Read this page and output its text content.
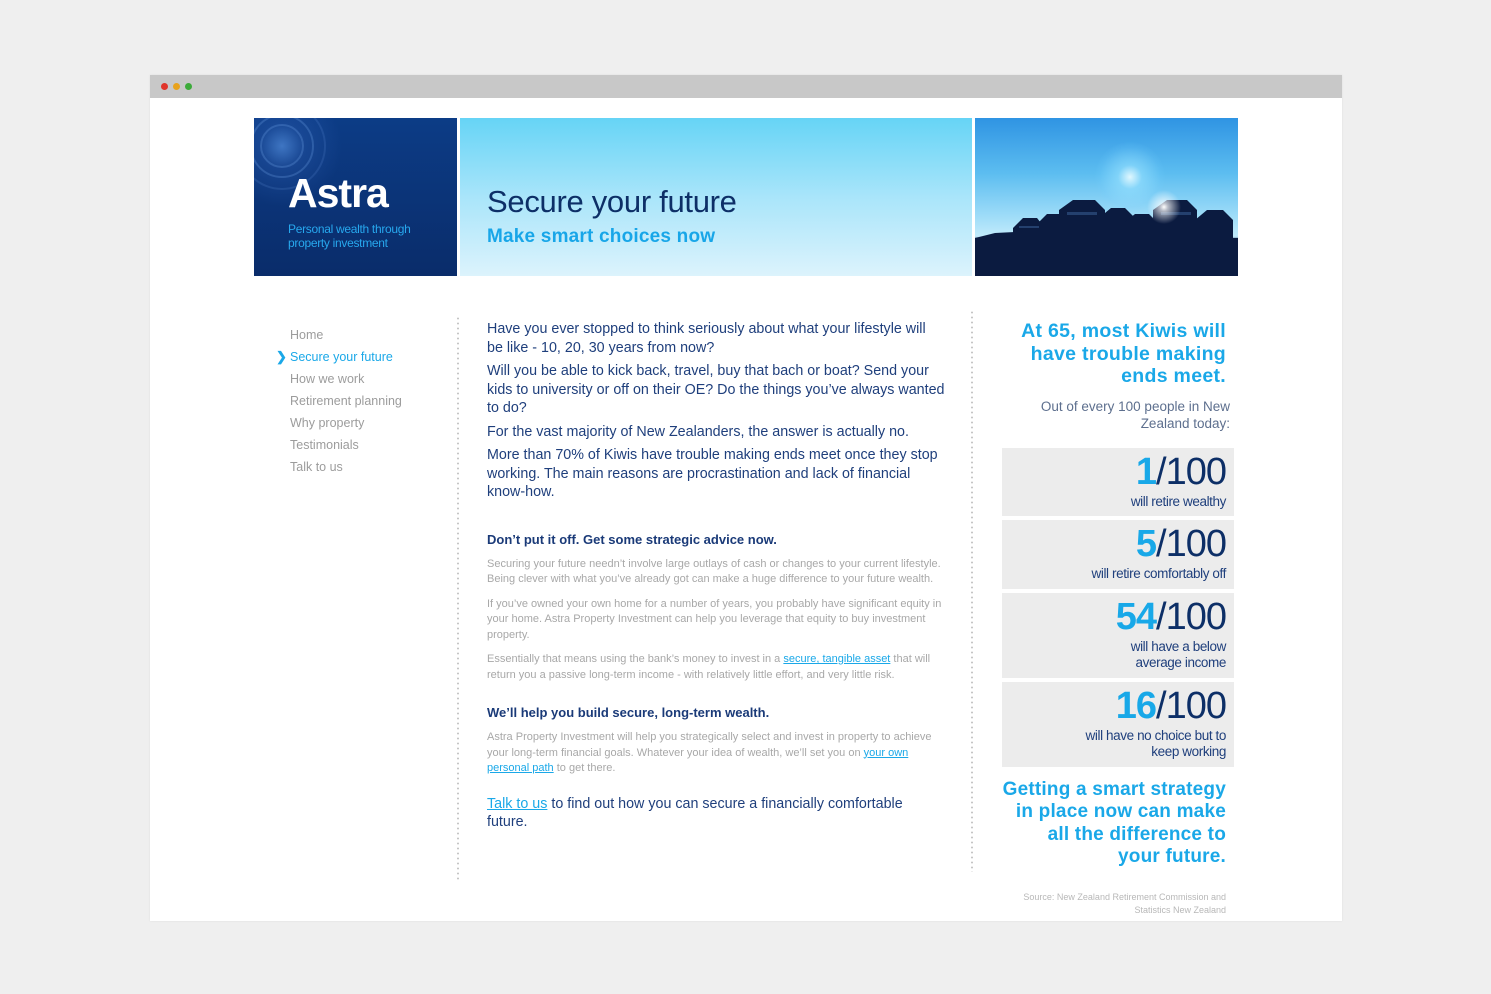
Astra
Personal wealth through property investment
Secure your future
Make smart choices now
Home
❯ Secure your future
How we work
Retirement planning
Why property
Testimonials
Talk to us

Have you ever stopped to think seriously about what your lifestyle will be like - 10, 20, 30 years from now?

Will you be able to kick back, travel, buy that bach or boat? Send your kids to university or off on their OE? Do the things you’ve always wanted to do?

For the vast majority of New Zealanders, the answer is actually no.

More than 70% of Kiwis have trouble making ends meet once they stop working. The main reasons are procrastination and lack of financial know-how.

Don’t put it off. Get some strategic advice now.

Securing your future needn’t involve large outlays of cash or changes to your current lifestyle. Being clever with what you’ve already got can make a huge difference to your future wealth.

If you’ve owned your own home for a number of years, you probably have significant equity in your home. Astra Property Investment can help you leverage that equity to buy investment property.

Essentially that means using the bank’s money to invest in a secure, tangible asset that will return you a passive long-term income - with relatively little effort, and very little risk.

We’ll help you build secure, long-term wealth.

Astra Property Investment will help you strategically select and invest in property to achieve your long-term financial goals. Whatever your idea of wealth, we’ll set you on your own personal path to get there.

Talk to us to find out how you can secure a financially comfortable future.

At 65, most Kiwis will have trouble making ends meet.
Out of every 100 people in New Zealand today:
1/100
will retire wealthy
5/100
will retire comfortably off
54/100
will have a below average income
16/100
will have no choice but to keep working
Getting a smart strategy in place now can make all the difference to your future.
Source: New Zealand Retirement Commission and Statistics New Zealand
